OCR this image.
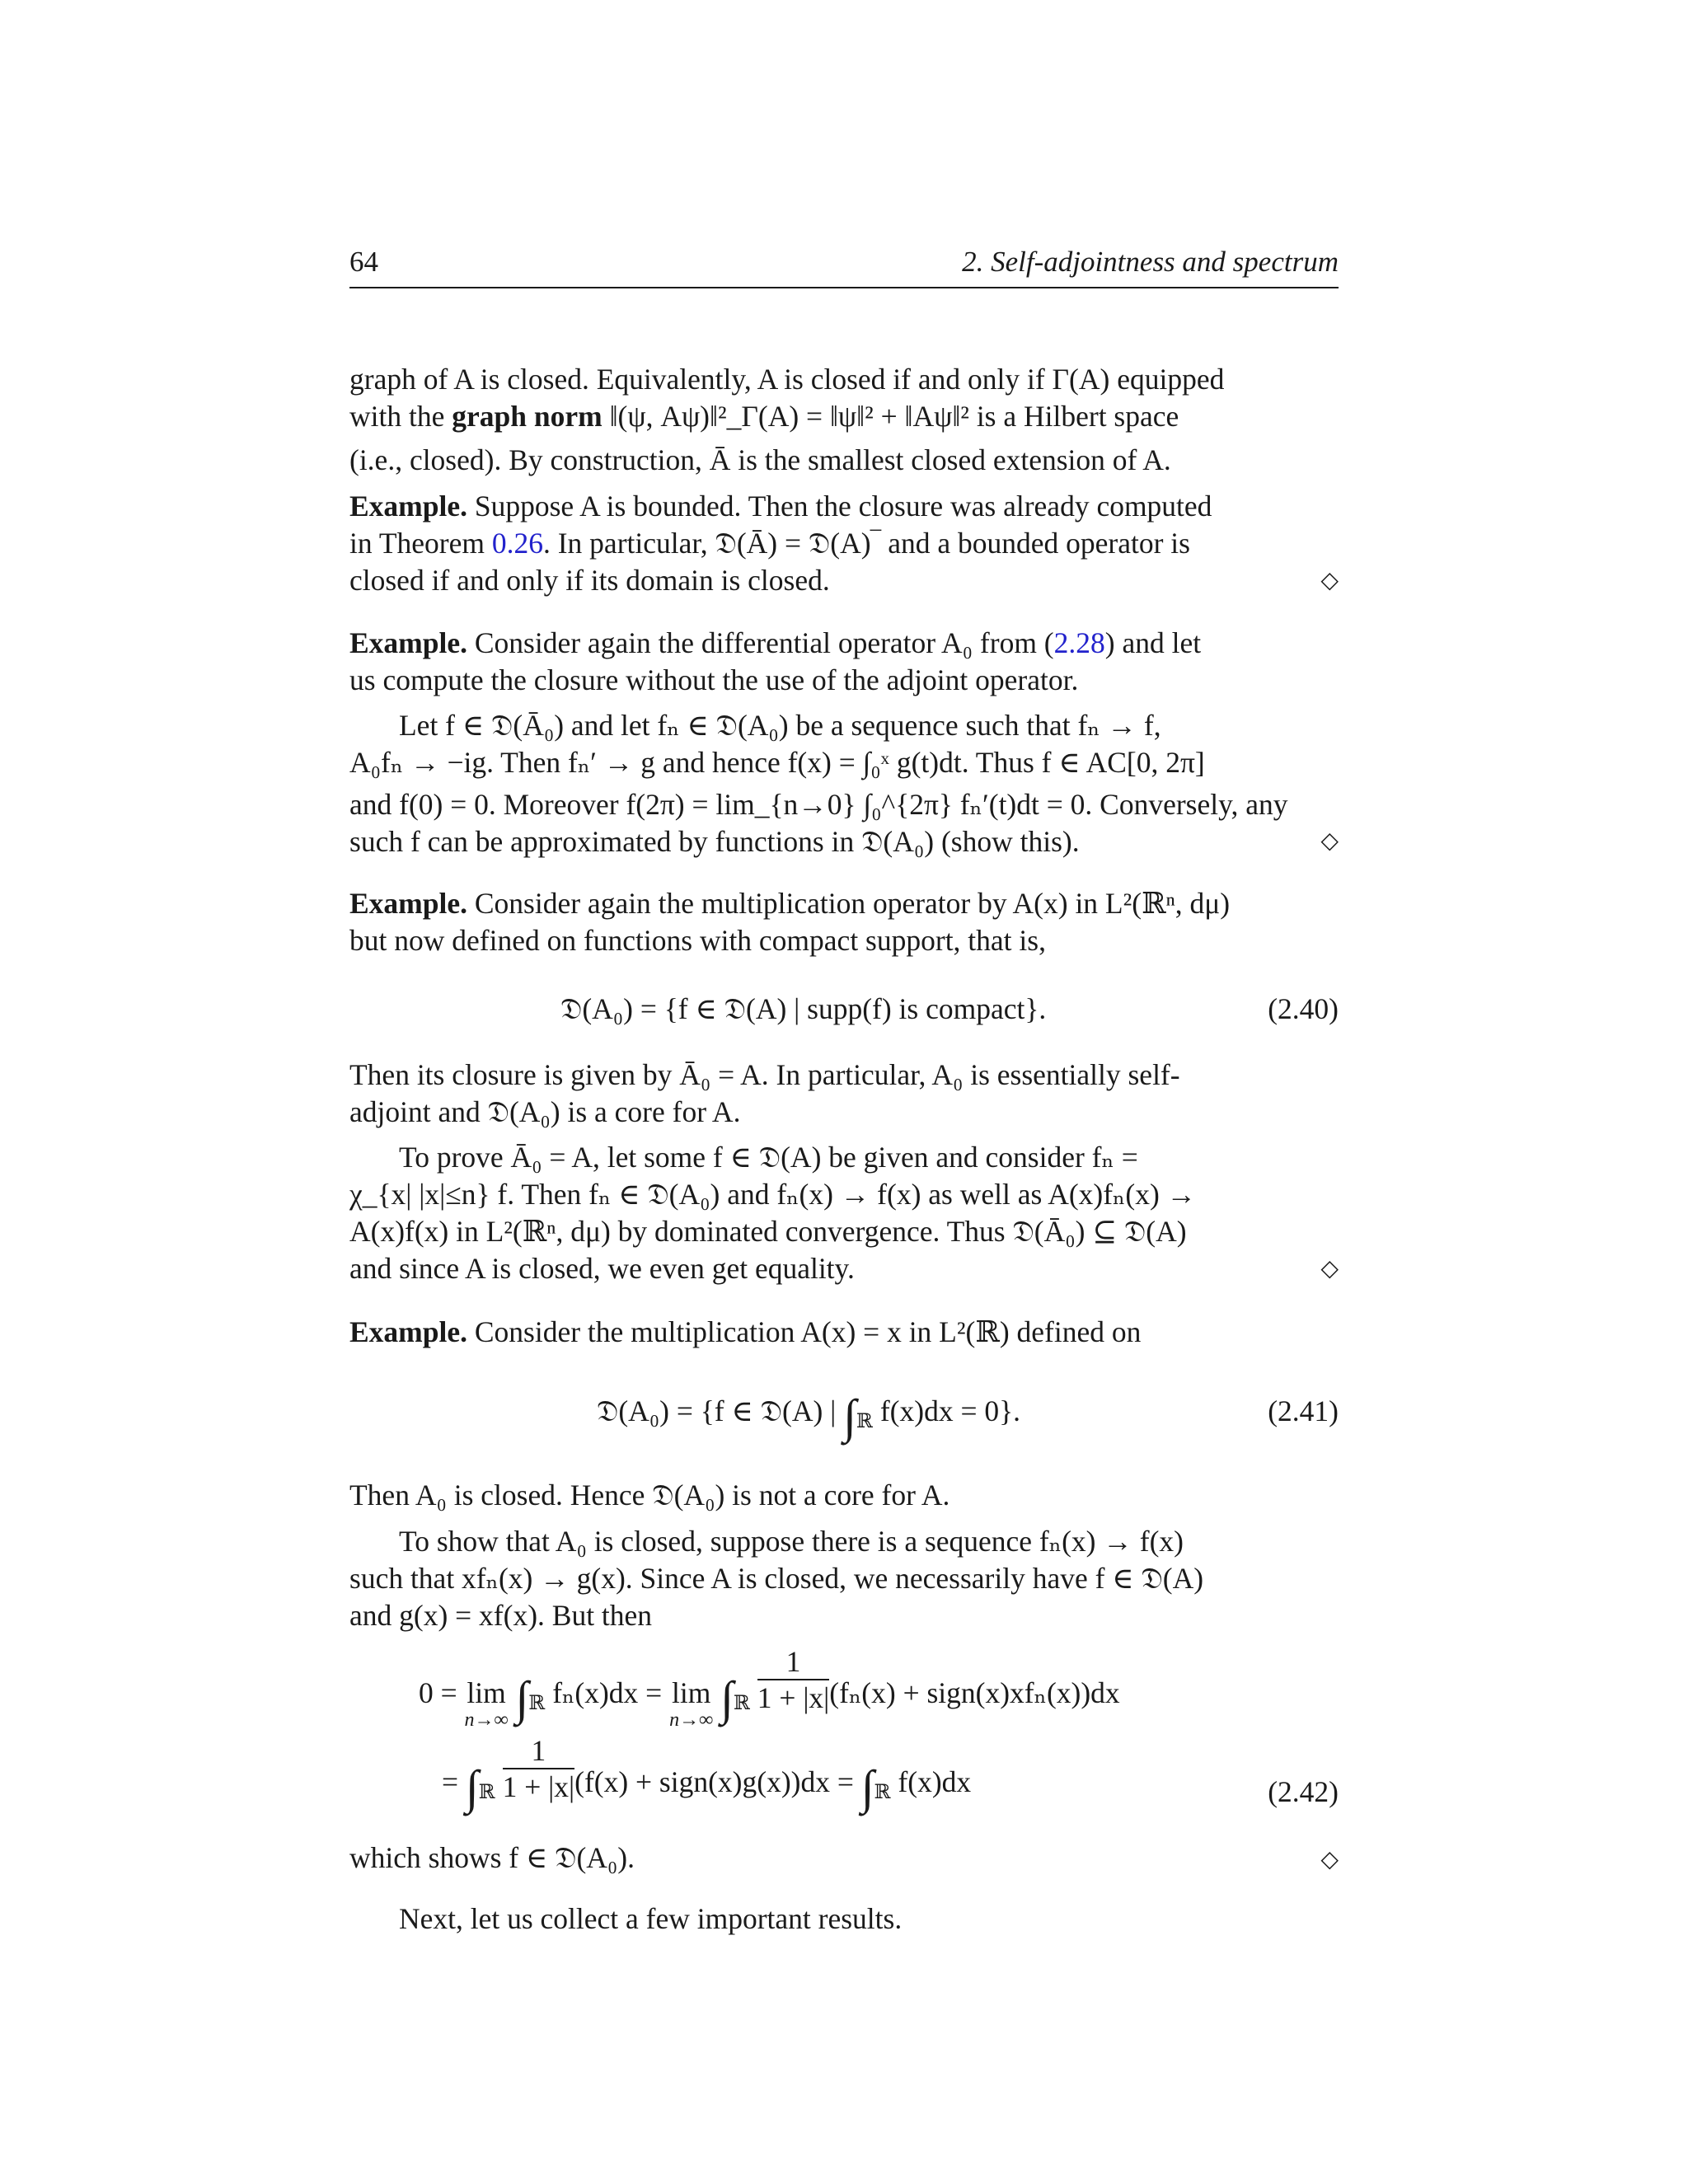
64	2. Self-adjointness and spectrum
graph of A is closed. Equivalently, A is closed if and only if Γ(A) equipped
with the graph norm ‖(ψ, Aψ)‖²_Γ(A) = ‖ψ‖² + ‖Aψ‖² is a Hilbert space
(i.e., closed). By construction, Ā is the smallest closed extension of A.
Example. Suppose A is bounded. Then the closure was already computed
in Theorem 0.26. In particular, 𝔇(Ā) = 𝔇(A)‾ and a bounded operator is
closed if and only if its domain is closed.	◇
Example. Consider again the differential operator A₀ from (2.28) and let
us compute the closure without the use of the adjoint operator.
Let f ∈ 𝔇(Ā₀) and let fₙ ∈ 𝔇(A₀) be a sequence such that fₙ → f,
A₀fₙ → −ig. Then fₙ′ → g and hence f(x) = ∫₀ˣ g(t)dt. Thus f ∈ AC[0, 2π]
and f(0) = 0. Moreover f(2π) = lim_{n→0} ∫₀^{2π} fₙ′(t)dt = 0. Conversely, any
such f can be approximated by functions in 𝔇(A₀) (show this).	◇
Example. Consider again the multiplication operator by A(x) in L²(ℝⁿ, dμ)
but now defined on functions with compact support, that is,
𝔇(A₀) = {f ∈ 𝔇(A) | supp(f) is compact}.	(2.40)
Then its closure is given by Ā₀ = A. In particular, A₀ is essentially self-
adjoint and 𝔇(A₀) is a core for A.
To prove Ā₀ = A, let some f ∈ 𝔇(A) be given and consider fₙ =
χ_{x| |x|≤n} f. Then fₙ ∈ 𝔇(A₀) and fₙ(x) → f(x) as well as A(x)fₙ(x) →
A(x)f(x) in L²(ℝⁿ, dμ) by dominated convergence. Thus 𝔇(Ā₀) ⊆ 𝔇(A)
and since A is closed, we even get equality.	◇
Example. Consider the multiplication A(x) = x in L²(ℝ) defined on
𝔇(A₀) = {f ∈ 𝔇(A) | $\int_ℝ$ f(x)dx = 0}.	(2.41)
Then A₀ is closed. Hence 𝔇(A₀) is not a core for A.
To show that A₀ is closed, suppose there is a sequence fₙ(x) → f(x)
such that xfₙ(x) → g(x). Since A is closed, we necessarily have f ∈ 𝔇(A)
and g(x) = xf(x). But then
0 = lim
n→∞ $\int_ℝ$ fₙ(x)dx = lim
n→∞ $\int_ℝ \frac{1}{1 + |x|} (f_n(x)$ + sign(x)xfₙ(x))dx
= $\int_ℝ \frac{1}{1 + |x|} (f(x)$ + sign(x)g(x))dx = $\int_ℝ$ f(x)dx	(2.42)
which shows f ∈ 𝔇(A₀).	◇
Next, let us collect a few important results.
